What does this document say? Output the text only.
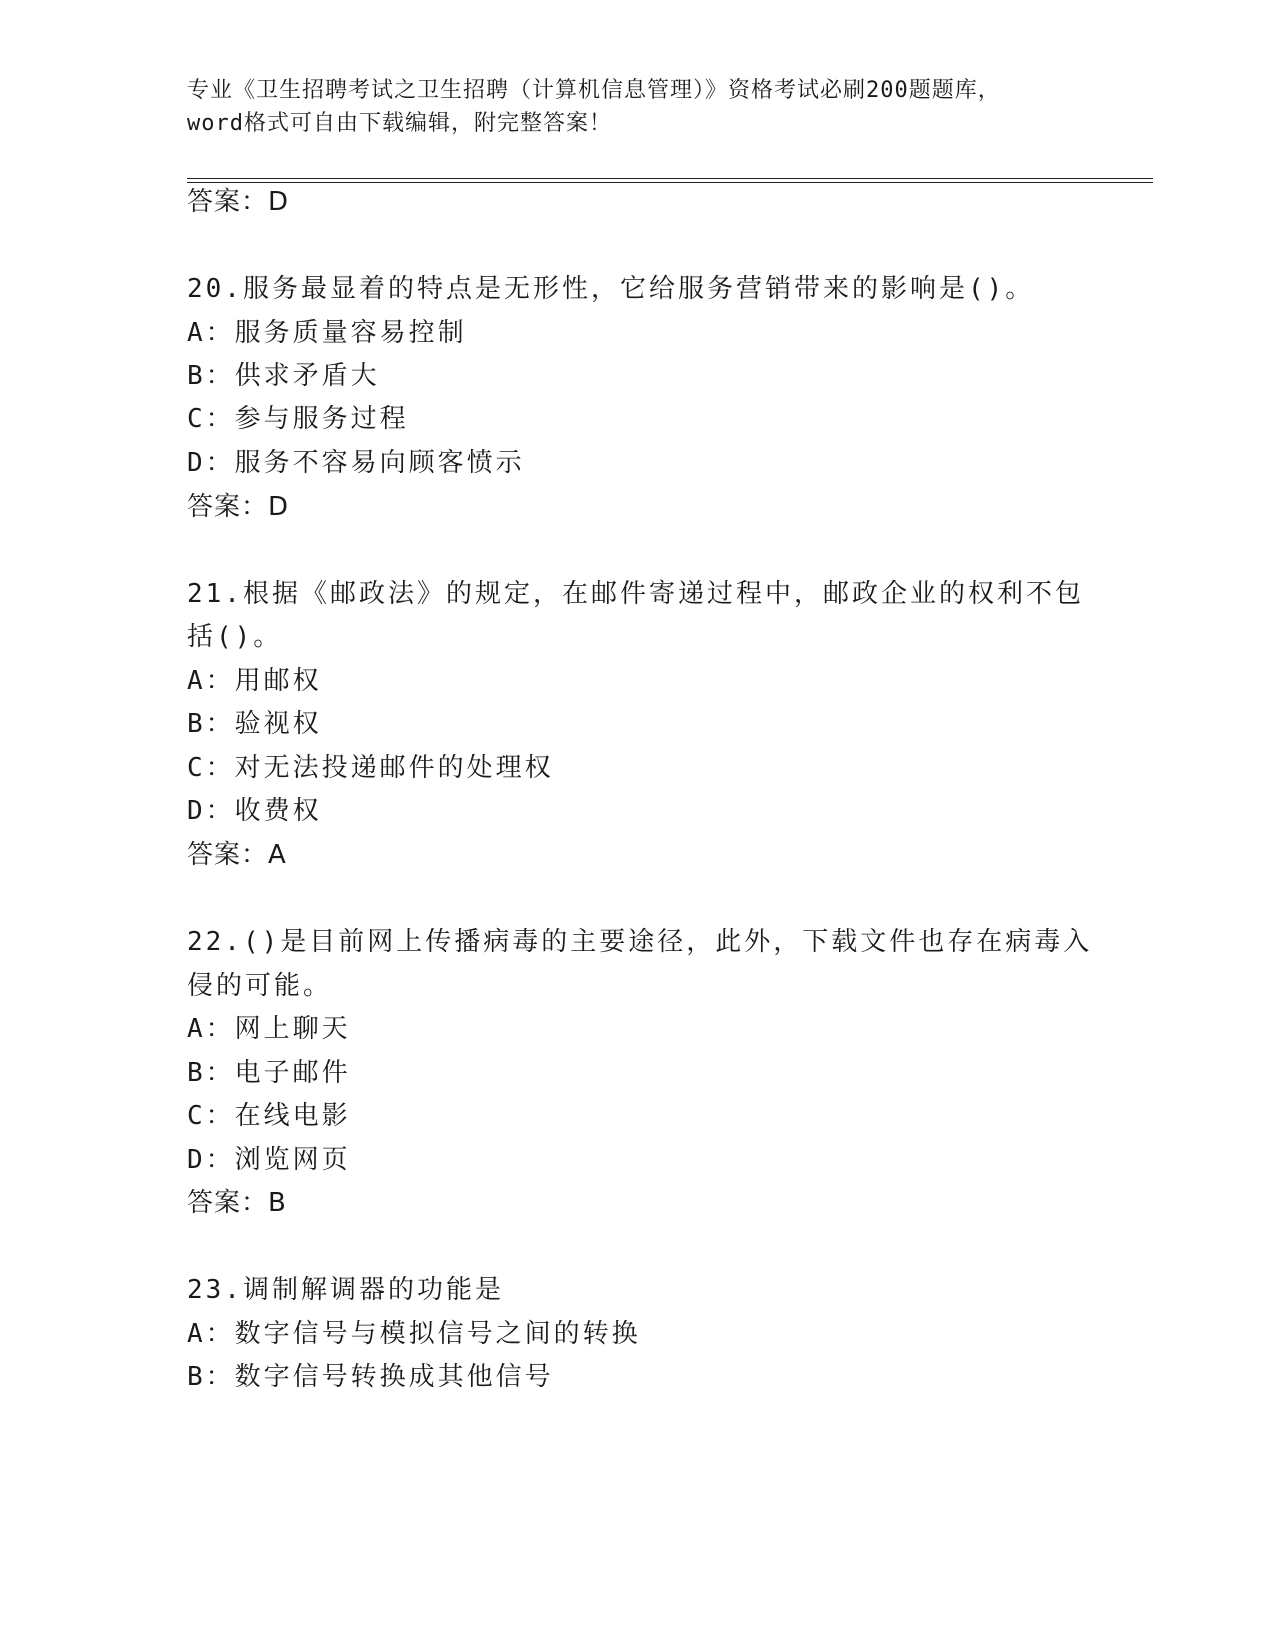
专业《卫生招聘考试之卫生招聘（计算机信息管理）》资格考试必刷200题题库，
word格式可自由下载编辑，附完整答案！
答案：D
20.服务最显着的特点是无形性，它给服务营销带来的影响是()。
A：服务质量容易控制
B：供求矛盾大
C：参与服务过程
D：服务不容易向顾客愤示
答案：D
21.根据《邮政法》的规定，在邮件寄递过程中，邮政企业的权利不包
括()。
A：用邮权
B：验视权
C：对无法投递邮件的处理权
D：收费权
答案：A
22.()是目前网上传播病毒的主要途径，此外，下载文件也存在病毒入
侵的可能。
A：网上聊天
B：电子邮件
C：在线电影
D：浏览网页
答案：B
23.调制解调器的功能是
A：数字信号与模拟信号之间的转换
B：数字信号转换成其他信号
